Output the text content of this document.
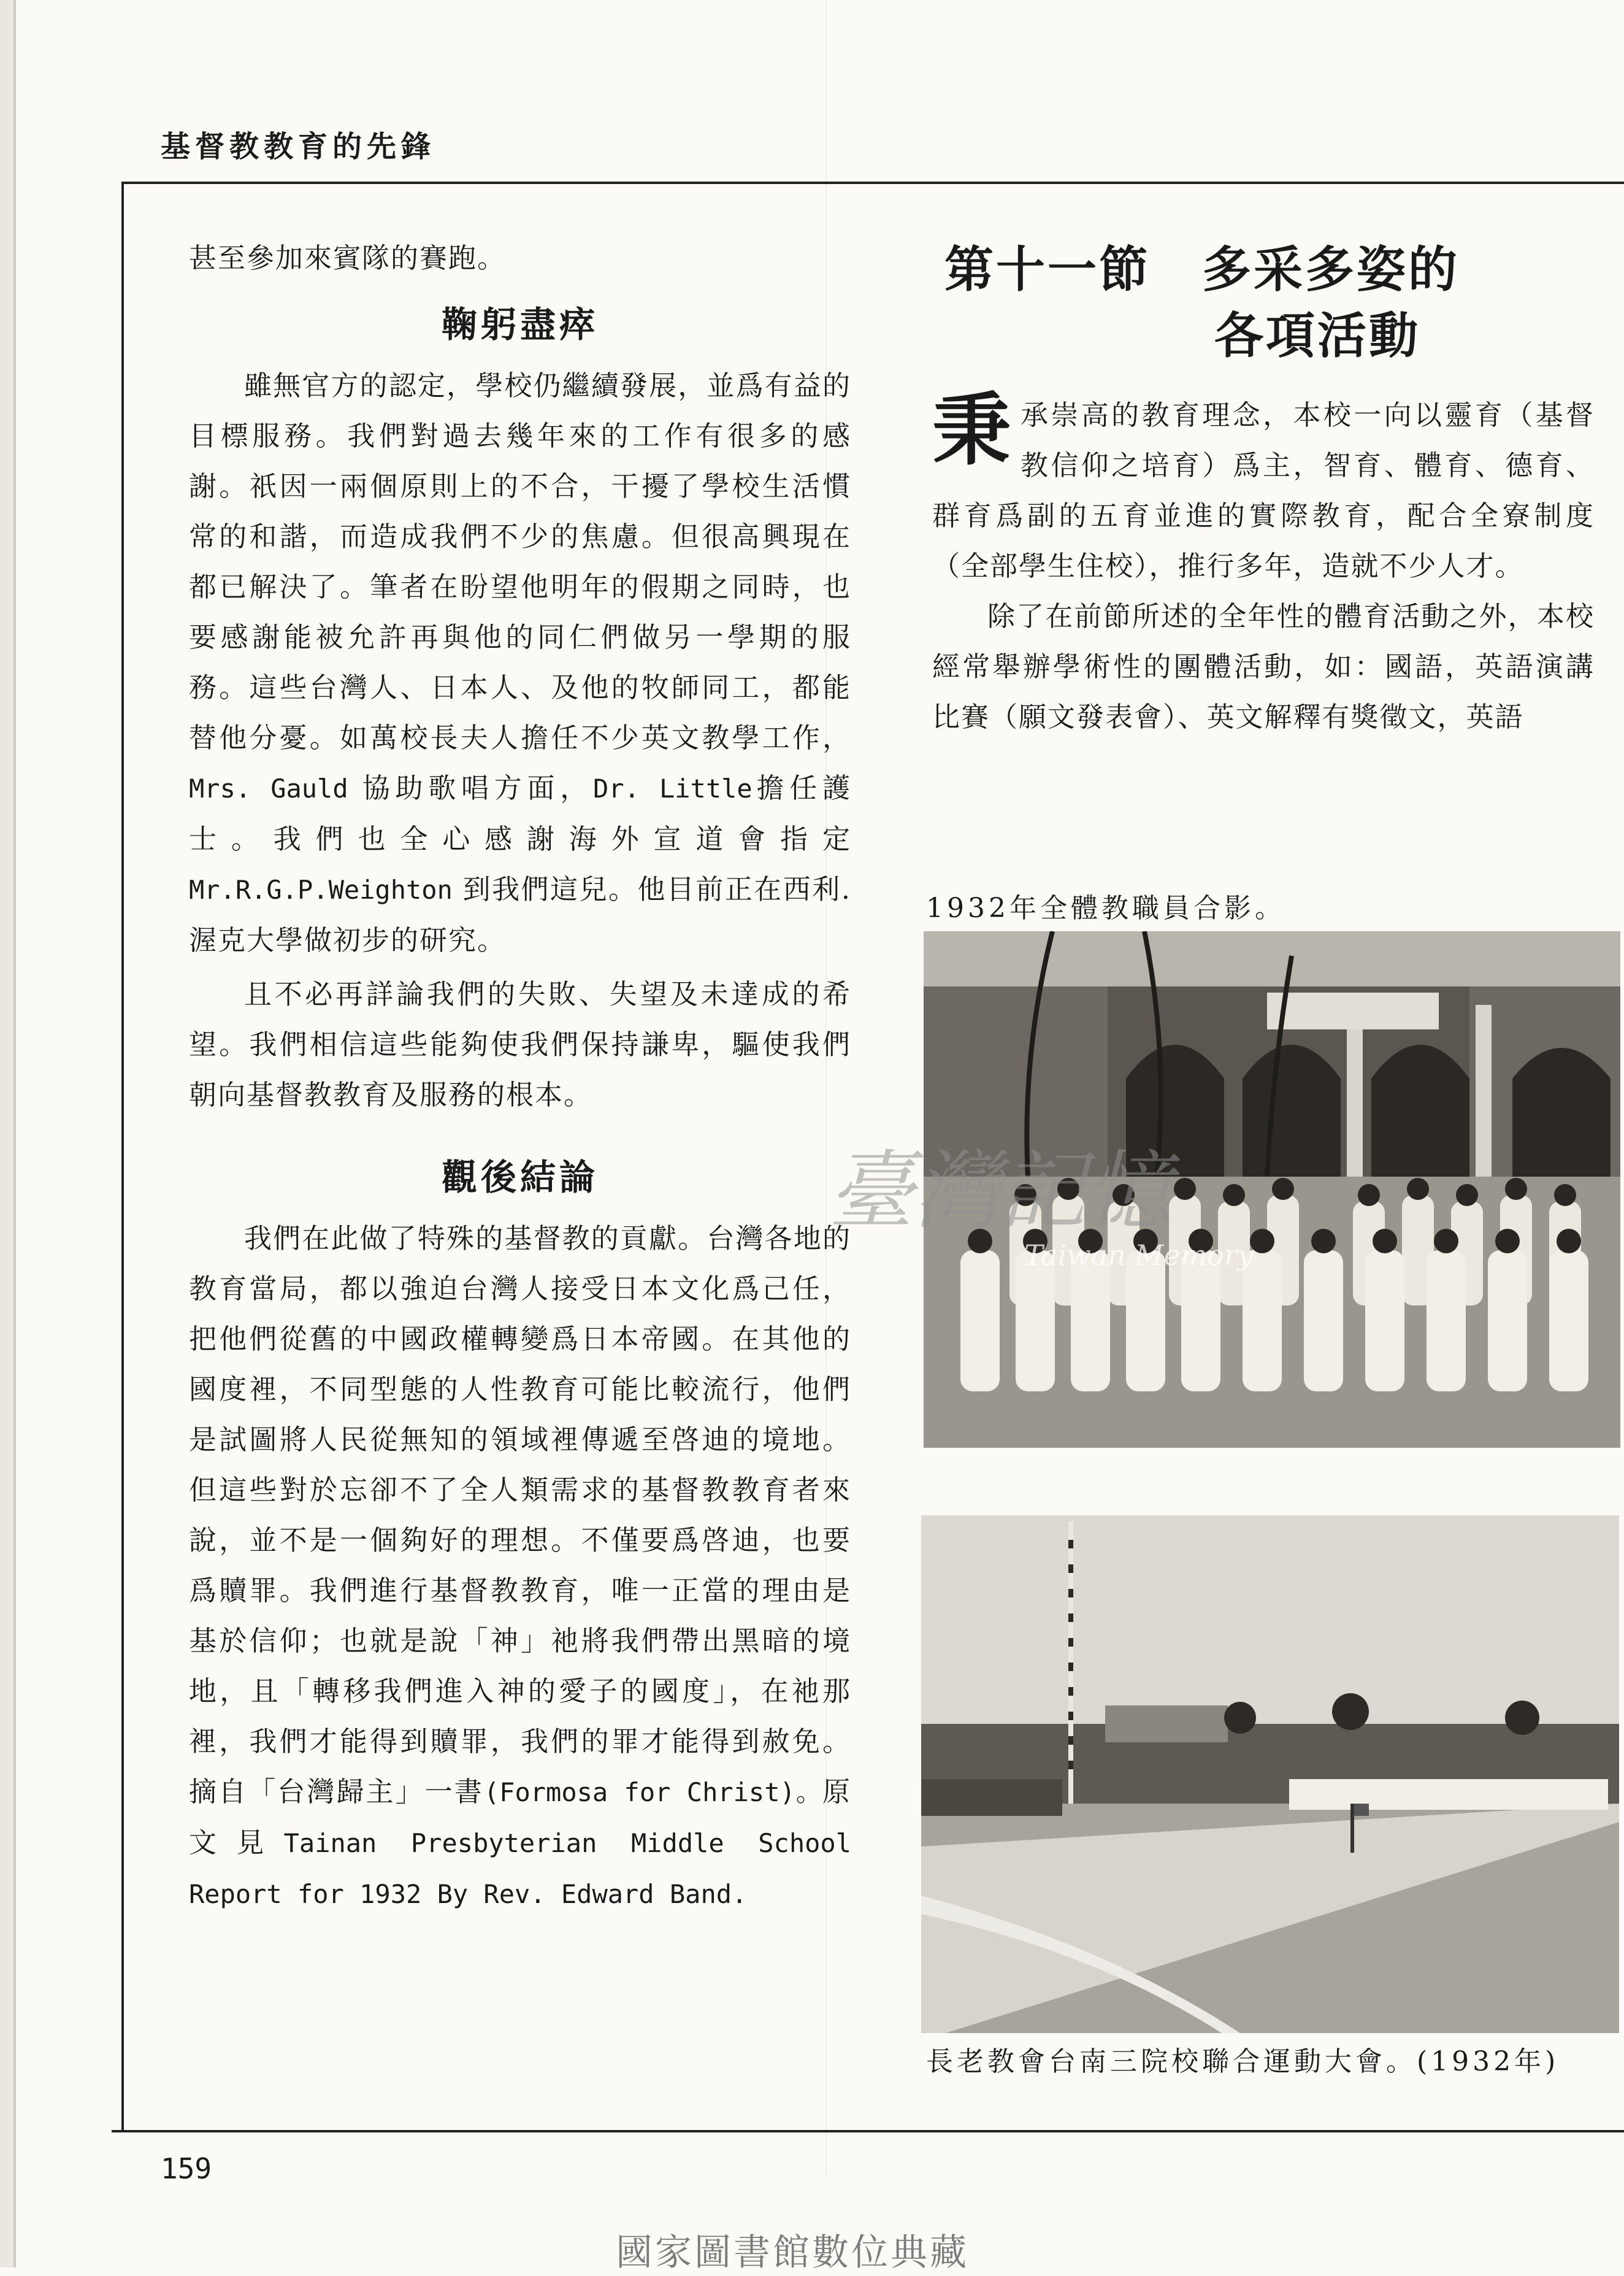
基督教教育的先鋒

甚至參加來賓隊的賽跑。

鞠躬盡瘁

雖無官方的認定，學校仍繼續發展，並爲有益的目標服務。我們對過去幾年來的工作有很多的感謝。祇因一兩個原則上的不合，干擾了學校生活慣常的和諧，而造成我們不少的焦慮。但很高興現在都已解決了。筆者在盼望他明年的假期之同時，也要感謝能被允許再與他的同仁們做另一學期的服務。這些台灣人、日本人、及他的牧師同工，都能替他分憂。如萬校長夫人擔任不少英文教學工作，Mrs. Gauld 協助歌唱方面，Dr. Little擔任護士。我們也全心感謝海外宣道會指定Mr.R.G.P.Weighton 到我們這兒。他目前正在西利. 渥克大學做初步的研究。

且不必再詳論我們的失敗、失望及未達成的希望。我們相信這些能夠使我們保持謙卑，驅使我們朝向基督教教育及服務的根本。

觀後結論

我們在此做了特殊的基督教的貢獻。台灣各地的教育當局，都以強迫台灣人接受日本文化爲己任，把他們從舊的中國政權轉變爲日本帝國。在其他的國度裡，不同型態的人性教育可能比較流行，他們是試圖將人民從無知的領域裡傳遞至啓迪的境地。但這些對於忘卻不了全人類需求的基督教教育者來說，並不是一個夠好的理想。不僅要爲啓迪，也要爲贖罪。我們進行基督教教育，唯一正當的理由是基於信仰；也就是說「神」祂將我們帶出黑暗的境地，且「轉移我們進入神的愛子的國度」，在祂那裡，我們才能得到贖罪，我們的罪才能得到赦免。摘自「台灣歸主」一書(Formosa for Christ)。原文見Tainan Presbyterian Middle School Report for 1932 By Rev. Edward Band.

第十一節　多采多姿的
各項活動

秉承崇高的教育理念，本校一向以靈育（基督教信仰之培育）爲主，智育、體育、德育、群育爲副的五育並進的實際教育，配合全寮制度（全部學生住校），推行多年，造就不少人才。

除了在前節所述的全年性的體育活動之外，本校經常舉辦學術性的團體活動，如：國語，英語演講比賽（願文發表會）、英文解釋有獎徵文，英語

1932年全體教職員合影。
臺灣記憶
Taiwan Memory
長老教會台南三院校聯合運動大會。(1932年)
159
國家圖書館數位典藏
